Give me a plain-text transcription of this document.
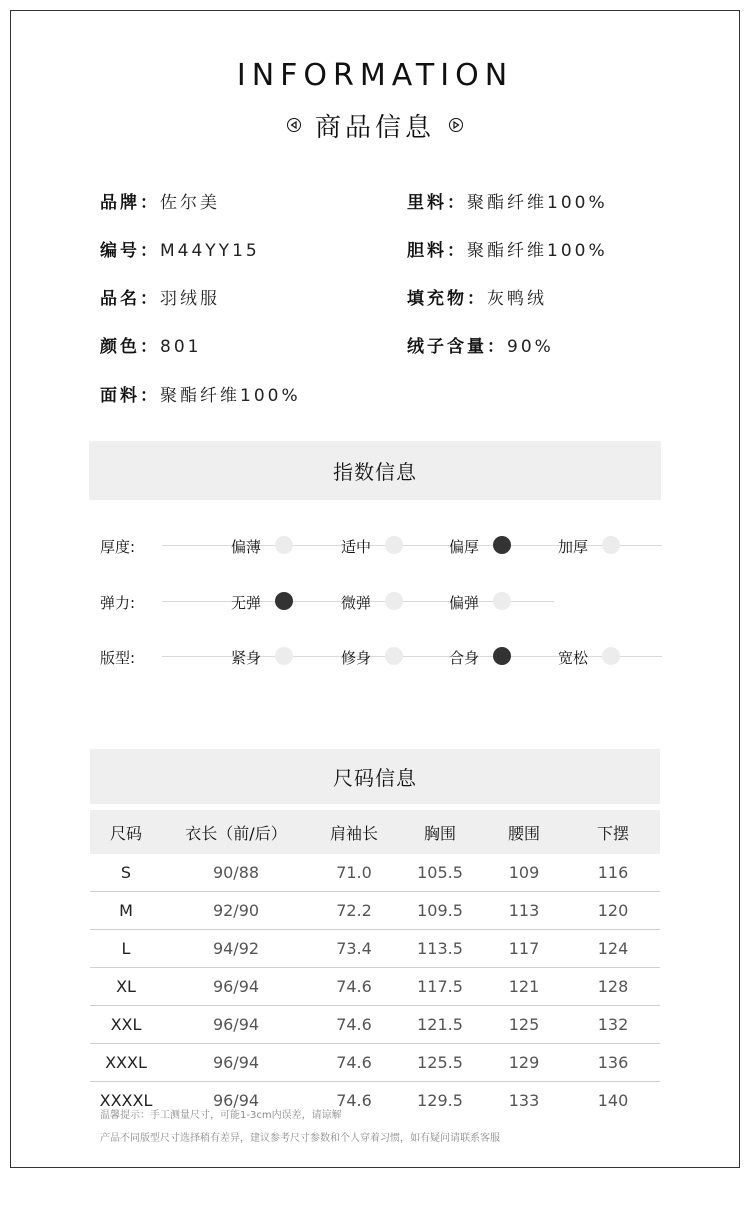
INFORMATION
商品信息
品牌：佐尔美	里料：聚酯纤维100%
编号：M44YY15	胆料：聚酯纤维100%
品名：羽绒服	填充物：灰鸭绒
颜色：801	绒子含量：90%
面料：聚酯纤维100%
指数信息
厚度:	偏薄	适中	偏厚	加厚
弹力:	无弹	微弹	偏弹
版型:	紧身	修身	合身	宽松
尺码信息
尺码	衣长（前/后）	肩袖长	胸围	腰围	下摆
S	90/88	71.0	105.5	109	116
M	92/90	72.2	109.5	113	120
L	94/92	73.4	113.5	117	124
XL	96/94	74.6	117.5	121	128
XXL	96/94	74.6	121.5	125	132
XXXL	96/94	74.6	125.5	129	136
XXXXL	96/94	74.6	129.5	133	140
温馨提示：手工测量尺寸，可能1-3cm内误差，请谅解
产品不同版型尺寸选择稍有差异，建议参考尺寸参数和个人穿着习惯，如有疑问请联系客服
